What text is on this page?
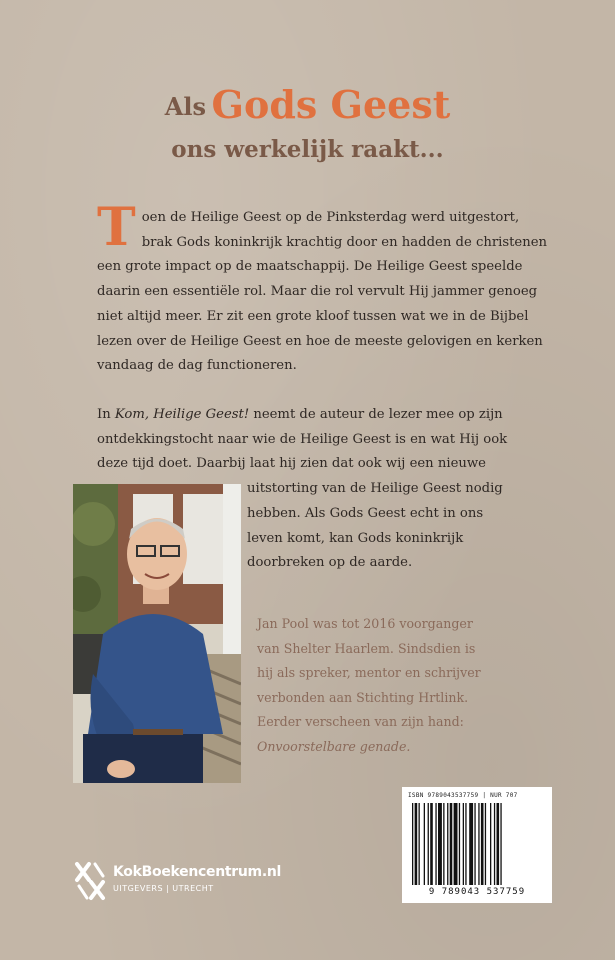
Als Gods Geest
ons werkelijk raakt...
T oen de Heilige Geest op de Pinksterdag werd uitgestort, brak Gods koninkrijk krachtig door en hadden de christenen een grote impact op de maatschappij. De Heilige Geest speelde daarin een essentiële rol. Maar die rol vervult Hij jammer genoeg niet altijd meer. Er zit een grote kloof tussen wat we in de Bijbel lezen over de Heilige Geest en hoe de meeste gelovigen en kerken vandaag de dag functioneren.

In Kom, Heilige Geest! neemt de auteur de lezer mee op zijn
ontdekkingstocht naar wie de Heilige Geest is en wat Hij ook
deze tijd doet. Daarbij laat hij zien dat ook wij een nieuwe
uitstorting van de Heilige Geest nodig
hebben. Als Gods Geest echt in ons
leven komt, kan Gods koninkrijk
doorbreken op de aarde.
Jan Pool was tot 2016 voorganger
van Shelter Haarlem. Sindsdien is
hij als spreker, mentor en schrijver
verbonden aan Stichting Hrtlink.
Eerder verscheen van zijn hand:
Onvoorstelbare genade.
ISBN 9789043537759 | NUR 707
9 789043 537759
KokBoekencentrum.nl
UITGEVERS | UTRECHT
